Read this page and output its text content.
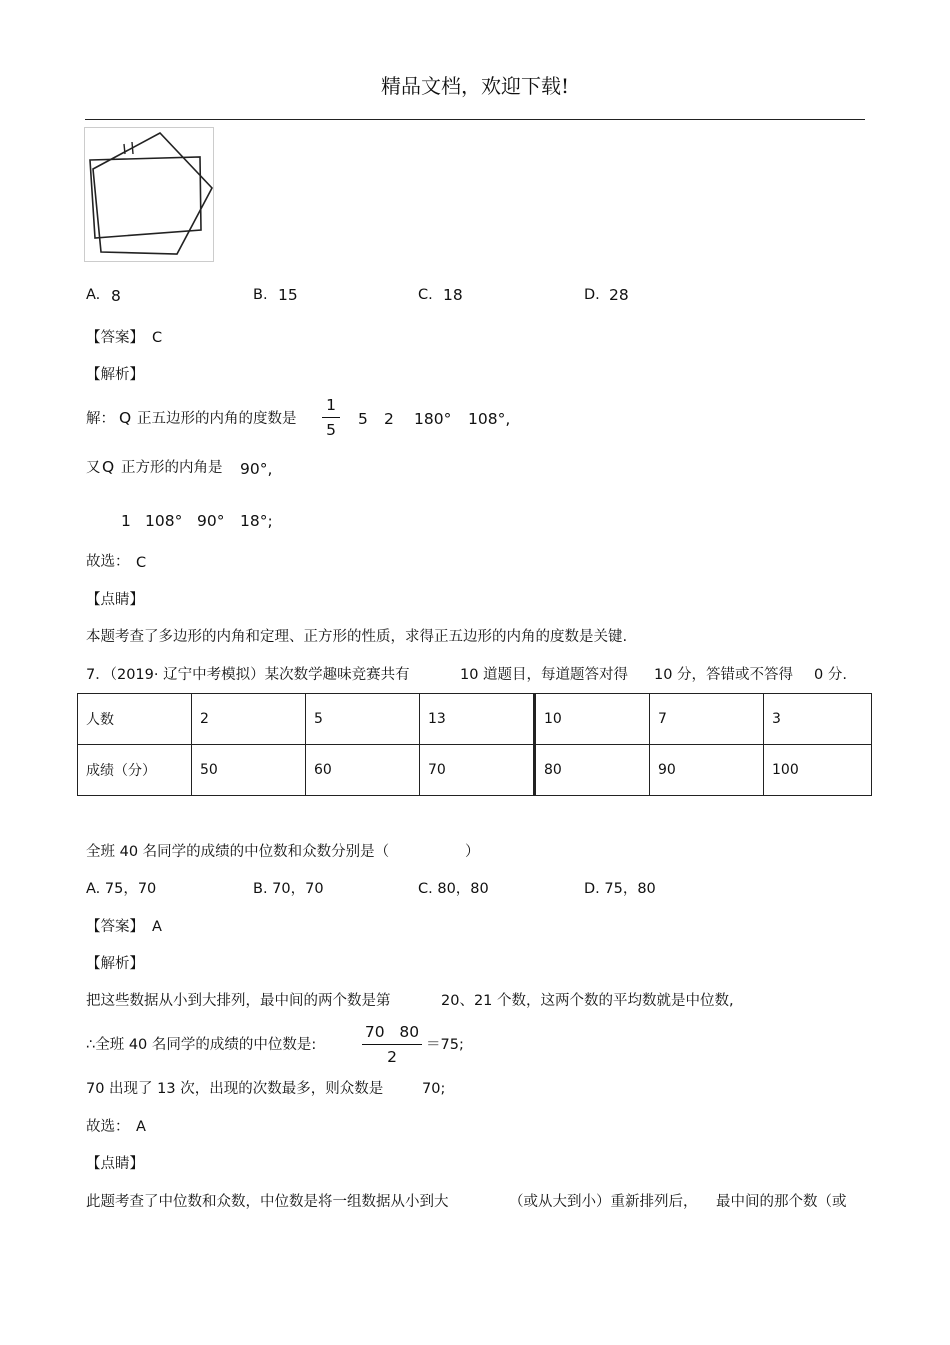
精品文档，欢迎下载!
A. 8	B. 15	C. 18	D. 28
【答案】 C
【解析】
解： Q 正五边形的内角的度数是
1
5
5 2 180° 108°,
又 Q 正方形的内角是 90°,
1 108° 90° 18°;
故选： C
【点睛】
本题考查了多边形的内角和定理、正方形的性质，求得正五边形的内角的度数是关键.
7．（2019· 辽宁中考模拟）某次数学趣味竞赛共有	10 道题目，每道题答对得 10 分，答错或不答得 0 分.
人数	2	5	13	10	7	3
成绩（分）	50	60	70	80	90	100
全班 40 名同学的成绩的中位数和众数分别是（	）
A. 75，70	B. 70，70	C. 80，80	D. 75，80
【答案】 A
【解析】
把这些数据从小到大排列，最中间的两个数是第	20、21 个数，这两个数的平均数就是中位数,
∴全班 40 名同学的成绩的中位数是:
70   80
2
＝75;
70 出现了 13 次，出现的次数最多，则众数是	70;
故选： A
【点睛】
此题考查了中位数和众数，中位数是将一组数据从小到大	（或从大到小）重新排列后， 最中间的那个数（或
